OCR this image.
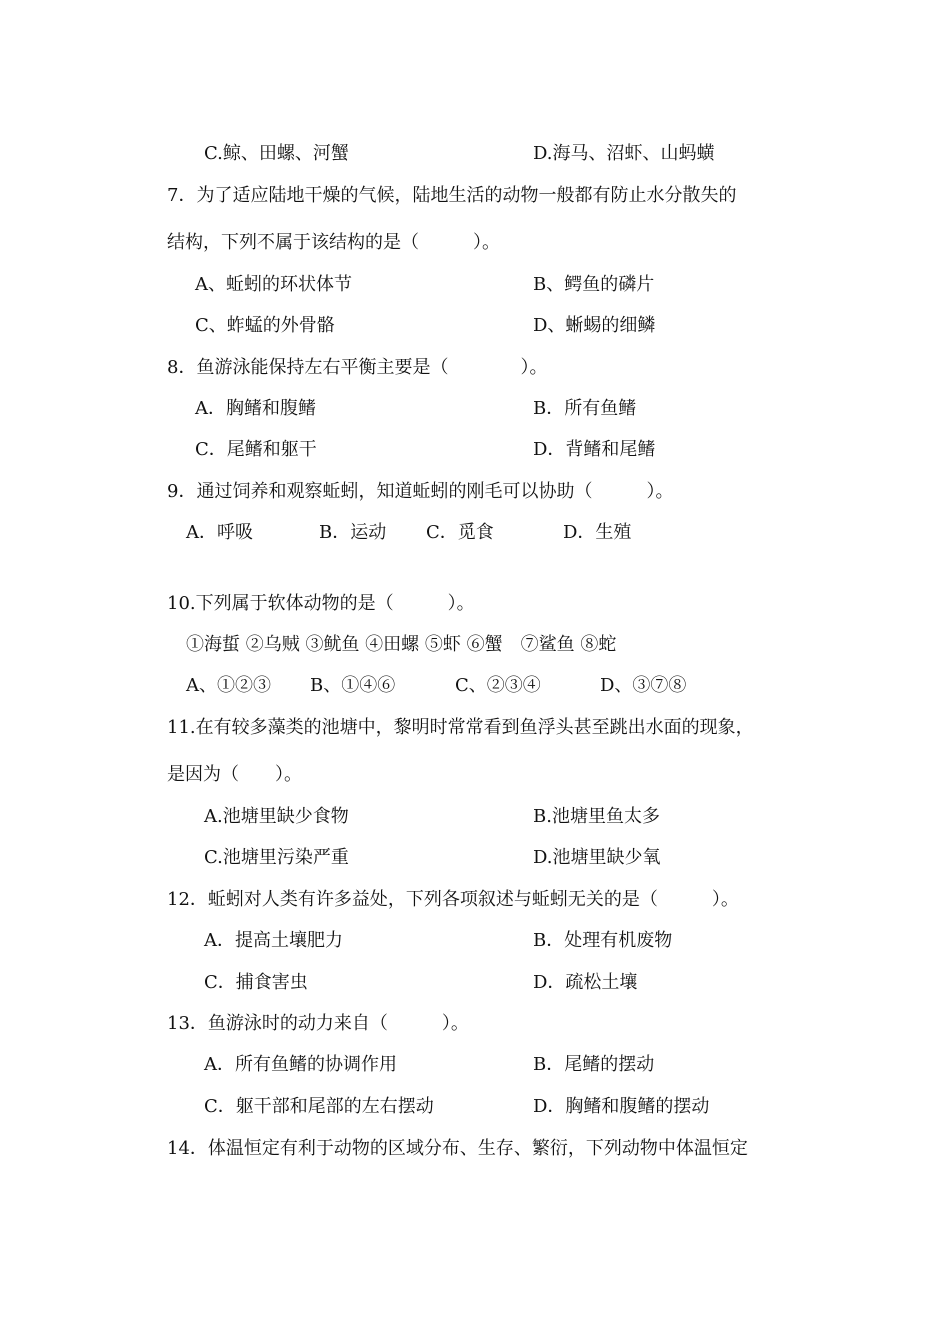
C.鲸、田螺、河蟹	D.海马、沼虾、山蚂蟥
7．为了适应陆地干燥的气候，陆地生活的动物一般都有防止水分散失的
结构，下列不属于该结构的是（　　　）。
A、蚯蚓的环状体节	B、鳄鱼的磷片
C、蚱蜢的外骨骼	D、蜥蜴的细鳞
8．鱼游泳能保持左右平衡主要是（　　　　）。
A．胸鳍和腹鳍	B．所有鱼鳍
C．尾鳍和躯干	D．背鳍和尾鳍
9．通过饲养和观察蚯蚓，知道蚯蚓的刚毛可以协助（　　　）。
A．呼吸	B．运动 C．觅食	D．生殖
10.下列属于软体动物的是（　　　）。
①海蜇 ②乌贼 ③鱿鱼 ④田螺 ⑤虾 ⑥蟹　⑦鲨鱼 ⑧蛇
A、①②③ B、①④⑥	C、②③④	D、③⑦⑧
11.在有较多藻类的池塘中，黎明时常常看到鱼浮头甚至跳出水面的现象，
是因为（　　）。
A.池塘里缺少食物	B.池塘里鱼太多
C.池塘里污染严重	D.池塘里缺少氧
12．蚯蚓对人类有许多益处，下列各项叙述与蚯蚓无关的是（　　　）。
A．提高土壤肥力	B．处理有机废物
C．捕食害虫	D．疏松土壤
13．鱼游泳时的动力来自（　　　）。
A．所有鱼鳍的协调作用	B．尾鳍的摆动
C．躯干部和尾部的左右摆动	D．胸鳍和腹鳍的摆动
14．体温恒定有利于动物的区域分布、生存、繁衍，下列动物中体温恒定
